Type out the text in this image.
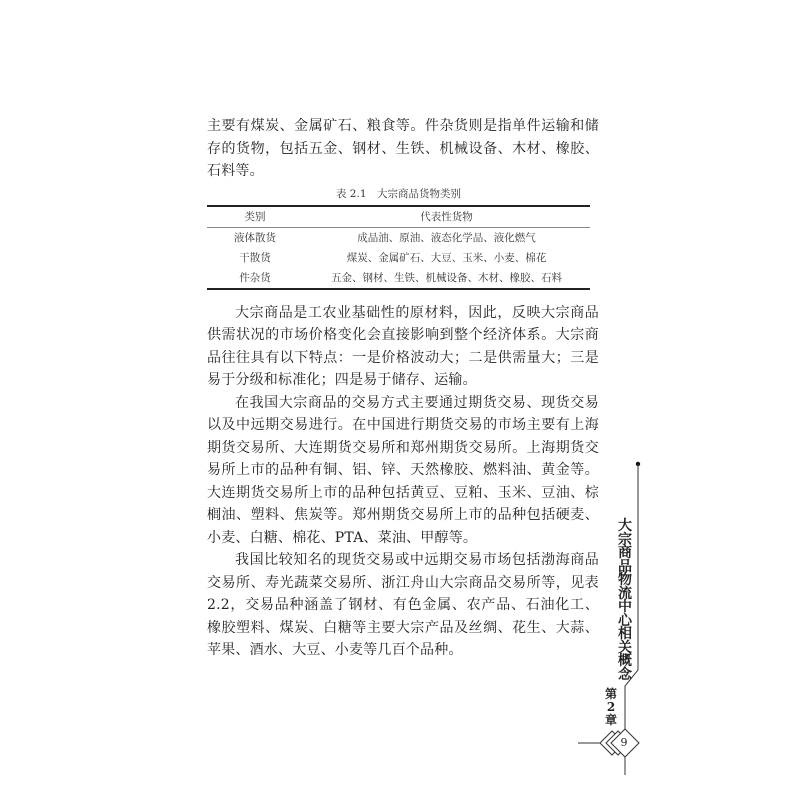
主要有煤炭、金属矿石、粮食等。件杂货则是指单件运输和储存的货物，包括五金、钢材、生铁、机械设备、木材、橡胶、石料等。
表 2.1　大宗商品货物类别
类别	代表性货物
液体散货	成品油、原油、液态化学品、液化燃气
干散货	煤炭、金属矿石、大豆、玉米、小麦、棉花
件杂货	五金、钢材、生铁、机械设备、木材、橡胶、石料
大宗商品是工农业基础性的原材料，因此，反映大宗商品供需状况的市场价格变化会直接影响到整个经济体系。大宗商品往往具有以下特点：一是价格波动大；二是供需量大；三是易于分级和标准化；四是易于储存、运输。
在我国大宗商品的交易方式主要通过期货交易、现货交易以及中远期交易进行。在中国进行期货交易的市场主要有上海期货交易所、大连期货交易所和郑州期货交易所。上海期货交易所上市的品种有铜、铝、锌、天然橡胶、燃料油、黄金等。大连期货交易所上市的品种包括黄豆、豆粕、玉米、豆油、棕榈油、塑料、焦炭等。郑州期货交易所上市的品种包括硬麦、小麦、白糖、棉花、PTA、菜油、甲醇等。
我国比较知名的现货交易或中远期交易市场包括渤海商品交易所、寿光蔬菜交易所、浙江舟山大宗商品交易所等，见表 2.2，交易品种涵盖了钢材、有色金属、农产品、石油化工、橡胶塑料、煤炭、白糖等主要大宗产品及丝绸、花生、大蒜、苹果、酒水、大豆、小麦等几百个品种。
大宗商品物流中心相关概念
第2章
9
